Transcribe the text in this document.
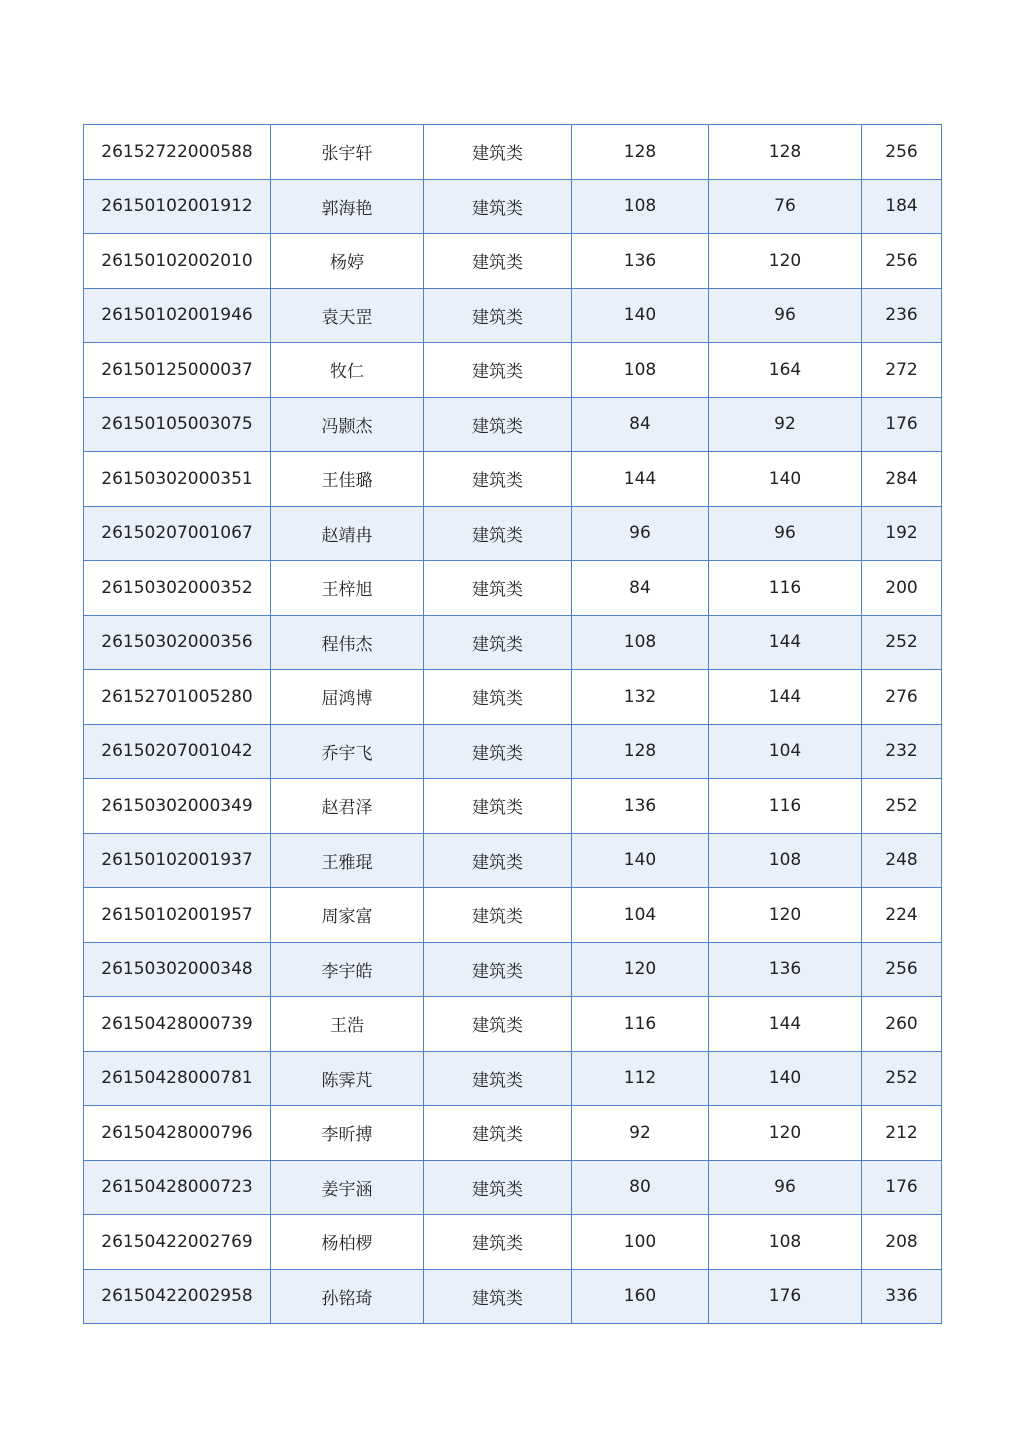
26152722000588	张宇轩	建筑类	128	128	256
26150102001912	郭海艳	建筑类	108	76	184
26150102002010	杨婷	建筑类	136	120	256
26150102001946	袁天罡	建筑类	140	96	236
26150125000037	牧仁	建筑类	108	164	272
26150105003075	冯颢杰	建筑类	84	92	176
26150302000351	王佳璐	建筑类	144	140	284
26150207001067	赵靖冉	建筑类	96	96	192
26150302000352	王梓旭	建筑类	84	116	200
26150302000356	程伟杰	建筑类	108	144	252
26152701005280	屈鸿博	建筑类	132	144	276
26150207001042	乔宇飞	建筑类	128	104	232
26150302000349	赵君泽	建筑类	136	116	252
26150102001937	王雅琨	建筑类	140	108	248
26150102001957	周家富	建筑类	104	120	224
26150302000348	李宇皓	建筑类	120	136	256
26150428000739	王浩	建筑类	116	144	260
26150428000781	陈霁芃	建筑类	112	140	252
26150428000796	李昕搏	建筑类	92	120	212
26150428000723	姜宇涵	建筑类	80	96	176
26150422002769	杨柏椤	建筑类	100	108	208
26150422002958	孙铭琦	建筑类	160	176	336
